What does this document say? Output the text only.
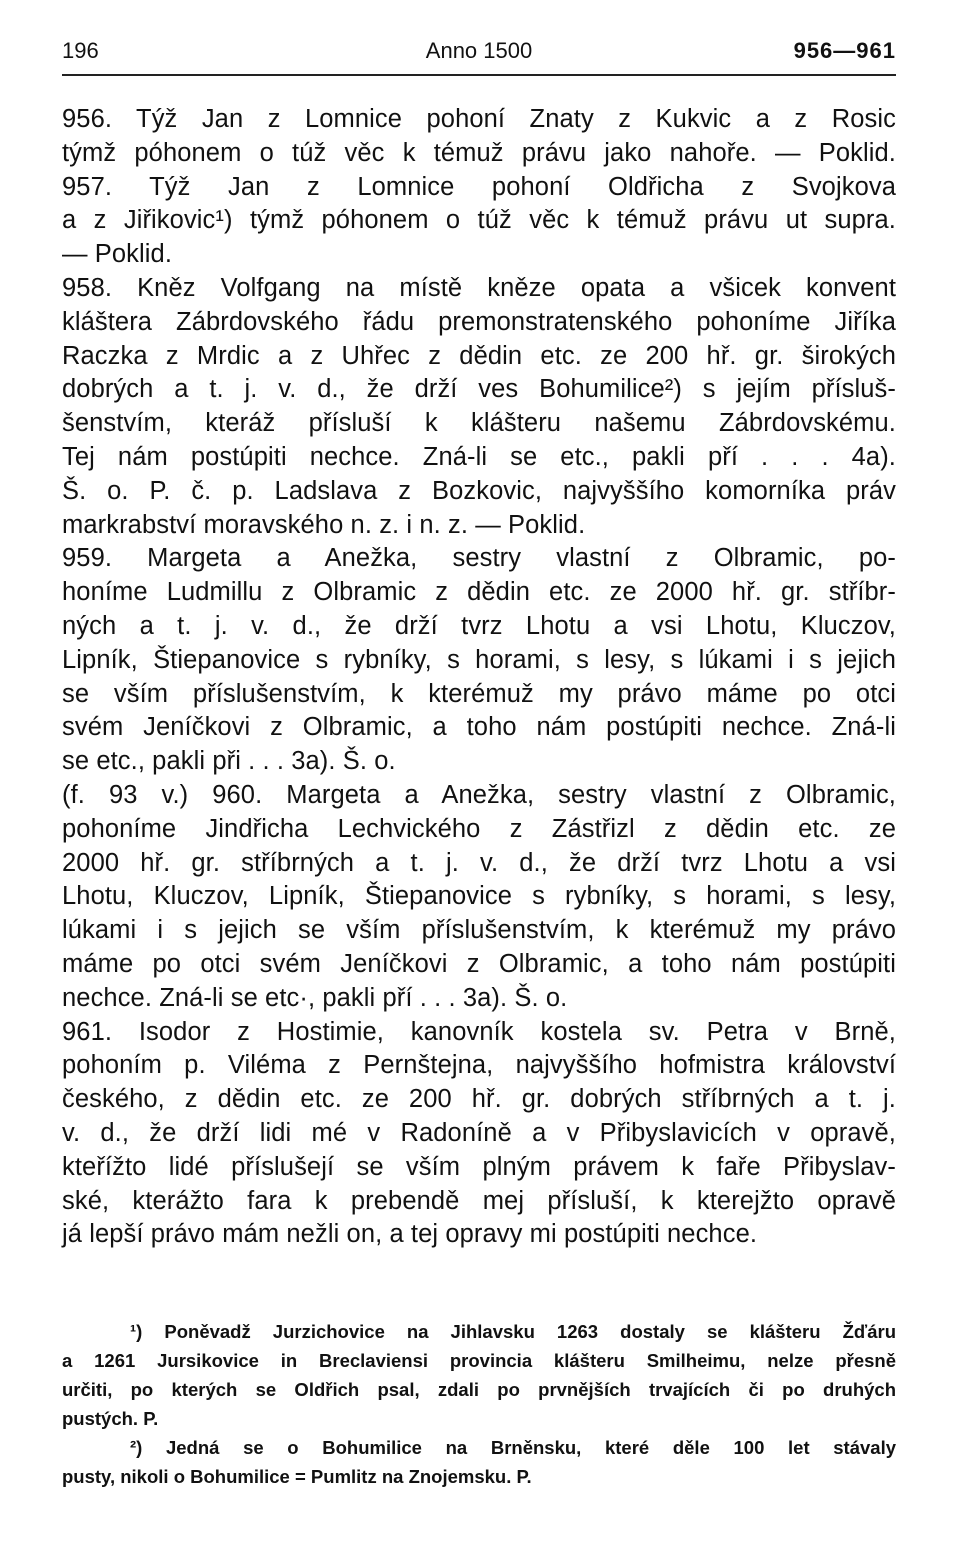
196	Anno 1500	956—961
956. Týž Jan z Lomnice pohoní Znaty z Kukvic a z Rosic
týmž póhonem o túž věc k témuž právu jako nahoře. — Poklid.
957. Týž Jan z Lomnice pohoní Oldřicha z Svojkova
a z Jiřikovic¹) týmž póhonem o túž věc k témuž právu ut supra.
— Poklid.
958. Kněz Volfgang na místě kněze opata a všicek konvent
kláštera Zábrdovského řádu premonstratenského pohoníme Jiříka
Raczka z Mrdic a z Uhřec z dědin etc. ze 200 hř. gr. širokých
dobrých a t. j. v. d., že drží ves Bohumilice²) s jejím přísluš-
šenstvím, kteráž přísluší k klášteru našemu Zábrdovskému.
Tej nám postúpiti nechce. Zná-li se etc., pakli pří . . . 4a).
Š. o. P. č. p. Ladslava z Bozkovic, najvyššího komorníka práv
markrabství moravského n. z. i n. z. — Poklid.
959. Margeta a Anežka, sestry vlastní z Olbramic, po-
honíme Ludmillu z Olbramic z dědin etc. ze 2000 hř. gr. stříbr-
ných a t. j. v. d., že drží tvrz Lhotu a vsi Lhotu, Kluczov,
Lipník, Štiepanovice s rybníky, s horami, s lesy, s lúkami i s jejich
se vším příslušenstvím, k kterémuž my právo máme po otci
svém Jeníčkovi z Olbramic, a toho nám postúpiti nechce. Zná-li
se etc., pakli při . . . 3a). Š. o.
(f. 93 v.) 960. Margeta a Anežka, sestry vlastní z Olbramic,
pohoníme Jindřicha Lechvického z Zástřizl z dědin etc. ze
2000 hř. gr. stříbrných a t. j. v. d., že drží tvrz Lhotu a vsi
Lhotu, Kluczov, Lipník, Štiepanovice s rybníky, s horami, s lesy,
lúkami i s jejich se vším příslušenstvím, k kterémuž my právo
máme po otci svém Jeníčkovi z Olbramic, a toho nám postúpiti
nechce. Zná-li se etc·, pakli pří . . . 3a). Š. o.
961. Isodor z Hostimie, kanovník kostela sv. Petra v Brně,
pohoním p. Viléma z Pernštejna, najvyššího hofmistra království
českého, z dědin etc. ze 200 hř. gr. dobrých stříbrných a t. j.
v. d., že drží lidi mé v Radoníně a v Přibyslavicích v opravě,
kteřížto lidé příslušejí se vším plným právem k faře Přibyslav-
ské, kterážto fara k prebendě mej přísluší, k kterejžto opravě
já lepší právo mám nežli on, a tej opravy mi postúpiti nechce.
¹) Poněvadž Jurzichovice na Jihlavsku 1263 dostaly se klášteru Žďáru
a 1261 Jursikovice in Breclaviensi provincia klášteru Smilheimu, nelze přesně
určiti, po kterých se Oldřich psal, zdali po prvnějších trvajících či po druhých
pustých. P.
²) Jedná se o Bohumilice na Brněnsku, které děle 100 let stávaly
pusty, nikoli o Bohumilice = Pumlitz na Znojemsku. P.
